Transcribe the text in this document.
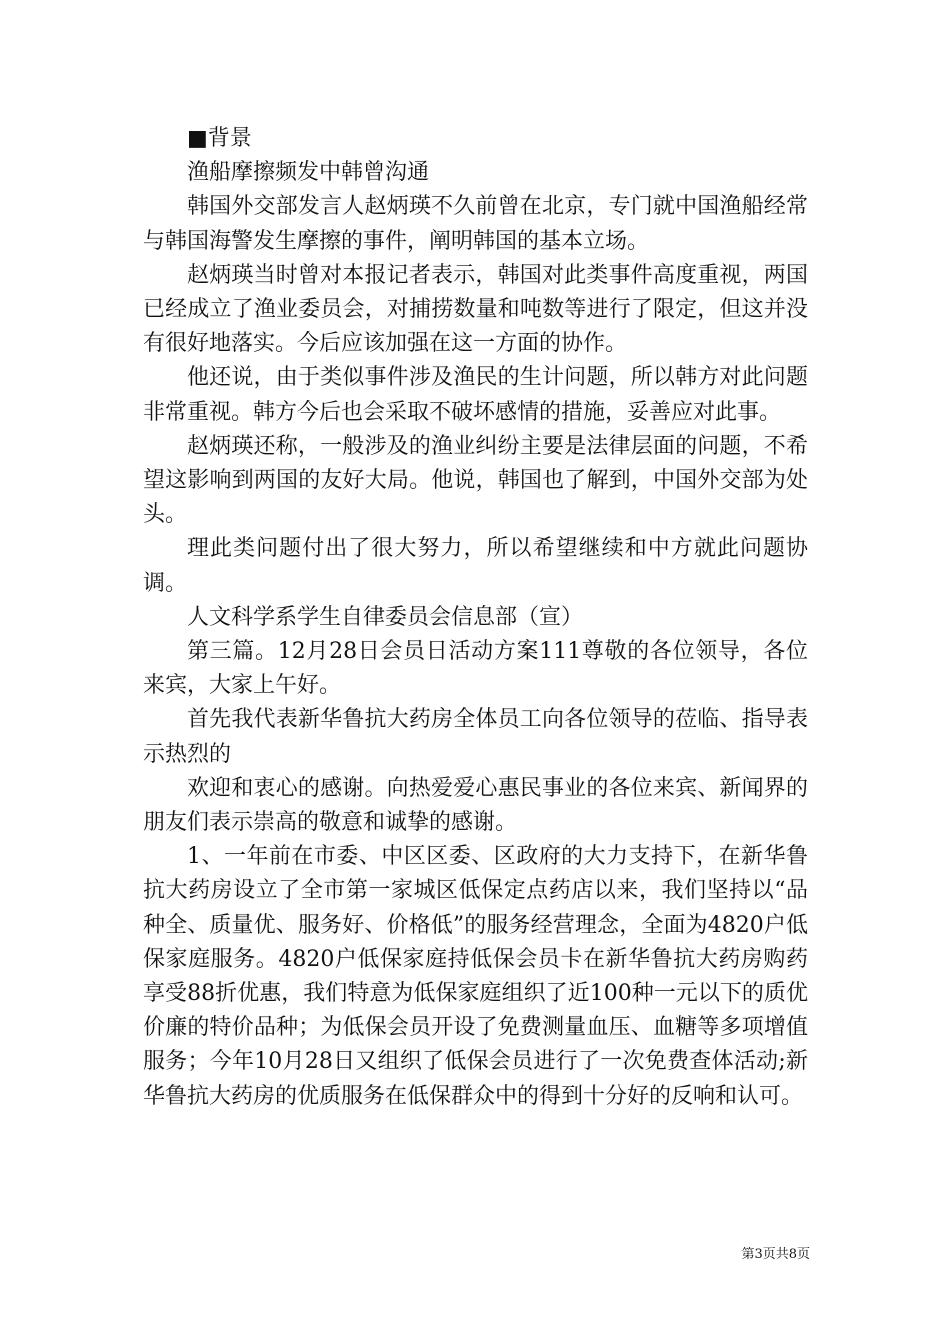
■背景

渔船摩擦频发中韩曾沟通

韩国外交部发言人赵炳瑛不久前曾在北京，专门就中国渔船经常与韩国海警发生摩擦的事件，阐明韩国的基本立场。

赵炳瑛当时曾对本报记者表示，韩国对此类事件高度重视，两国已经成立了渔业委员会，对捕捞数量和吨数等进行了限定，但这并没有很好地落实。今后应该加强在这一方面的协作。

他还说，由于类似事件涉及渔民的生计问题，所以韩方对此问题非常重视。韩方今后也会采取不破坏感情的措施，妥善应对此事。

赵炳瑛还称，一般涉及的渔业纠纷主要是法律层面的问题，不希望这影响到两国的友好大局。他说，韩国也了解到，中国外交部为处头。

理此类问题付出了很大努力，所以希望继续和中方就此问题协调。

人文科学系学生自律委员会信息部（宣）

第三篇。12月28日会员日活动方案111尊敬的各位领导，各位来宾，大家上午好。

首先我代表新华鲁抗大药房全体员工向各位领导的莅临、指导表示热烈的

欢迎和衷心的感谢。向热爱爱心惠民事业的各位来宾、新闻界的朋友们表示崇高的敬意和诚挚的感谢。

1、一年前在市委、中区区委、区政府的大力支持下，在新华鲁抗大药房设立了全市第一家城区低保定点药店以来，我们坚持以“品种全、质量优、服务好、价格低”的服务经营理念，全面为4820户低保家庭服务。4820户低保家庭持低保会员卡在新华鲁抗大药房购药享受88折优惠，我们特意为低保家庭组织了近100种一元以下的质优价廉的特价品种；为低保会员开设了免费测量血压、血糖等多项增值服务；今年10月28日又组织了低保会员进行了一次免费查体活动;新华鲁抗大药房的优质服务在低保群众中的得到十分好的反响和认可。

第3页共8页
